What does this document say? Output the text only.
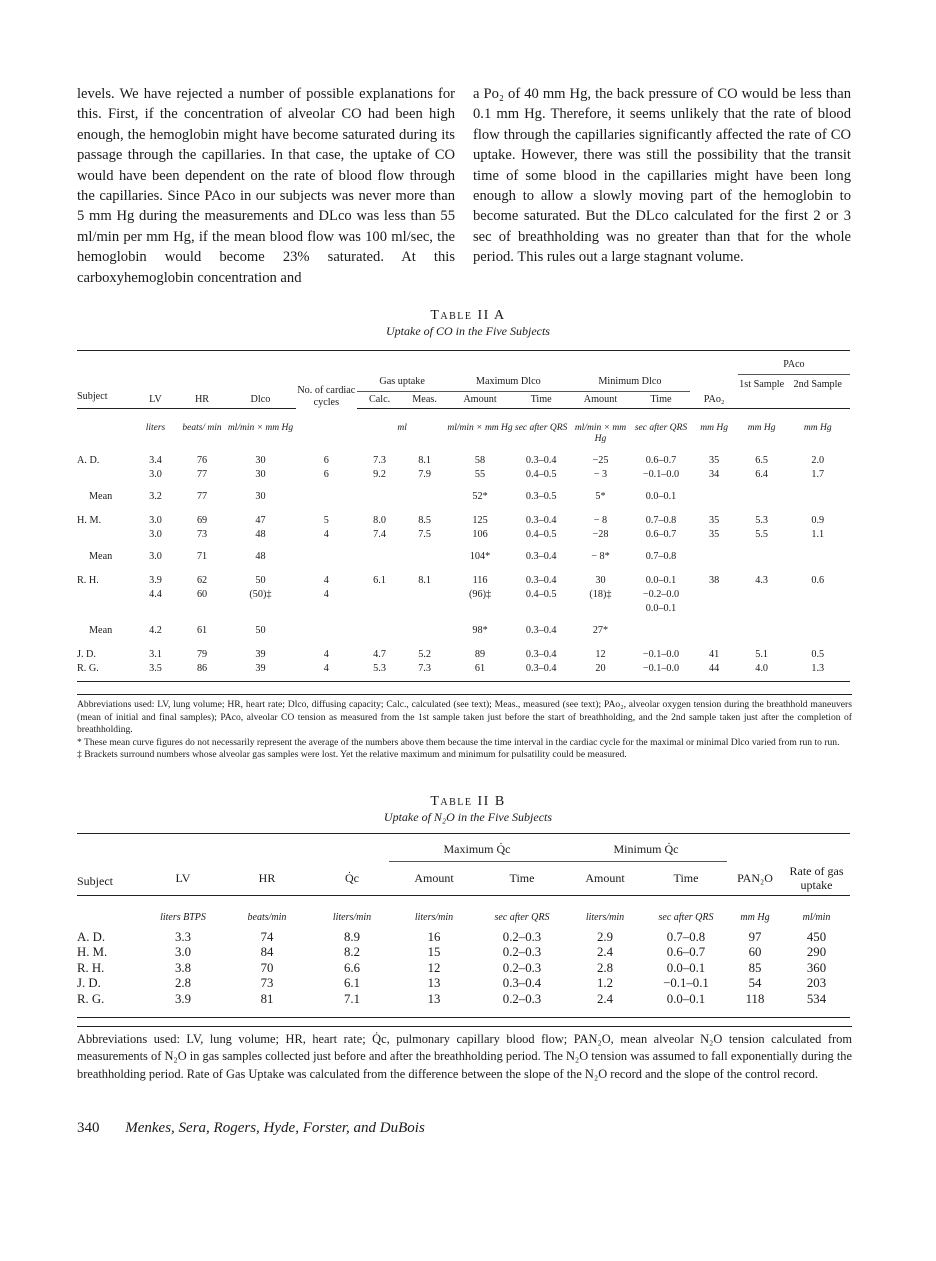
levels. We have rejected a number of possible explanations for this. First, if the concentration of alveolar CO had been high enough, the hemoglobin might have become saturated during its passage through the capillaries. In that case, the uptake of CO would have been dependent on the rate of blood flow through the capillaries. Since PAco in our subjects was never more than 5 mm Hg during the measurements and DLco was less than 55 ml/min per mm Hg, if the mean blood flow was 100 ml/sec, the hemoglobin would become 23% saturated. At this carboxyhemoglobin concentration and

a Po₂ of 40 mm Hg, the back pressure of CO would be less than 0.1 mm Hg. Therefore, it seems unlikely that the rate of blood flow through the capillaries significantly affected the rate of CO uptake. However, there was still the possibility that the transit time of some blood in the capillaries might have been long enough to allow a slowly moving part of the hemoglobin to become saturated. But the DLco calculated for the first 2 or 3 sec of breathholding was no greater than that for the whole period. This rules out a large stagnant volume.

Table II A
Uptake of CO in the Five Subjects
												PAco	
				No. of cardiac cycles	Gas uptake		Maximum Dlco		Minimum Dlco			1st Sample	2nd Sample
Subject	LV	HR	Dlco		Calc.	Meas.	Amount	Time	Amount	Time	PAo₂		
	liters	beats/ min	ml/min × mm Hg		ml		ml/min × mm Hg	sec after QRS	ml/min × mm Hg	sec after QRS	mm Hg	mm Hg	mm Hg
A. D.	3.4	76	30	6	7.3	8.1	58	0.3–0.4	−25	0.6–0.7	35	6.5	2.0
	3.0	77	30	6	9.2	7.9	55	0.4–0.5	− 3	−0.1–0.0	34	6.4	1.7
Mean	3.2	77	30				52*	0.3–0.5	5*	0.0–0.1			
H. M.	3.0	69	47	5	8.0	8.5	125	0.3–0.4	− 8	0.7–0.8	35	5.3	0.9
	3.0	73	48	4	7.4	7.5	106	0.4–0.5	−28	0.6–0.7	35	5.5	1.1
Mean	3.0	71	48				104*	0.3–0.4	− 8*	0.7–0.8			
R. H.	3.9	62	50	4	6.1	8.1	116	0.3–0.4	30	0.0–0.1	38	4.3	0.6
	4.4	60	(50)‡	4			(96)‡	0.4–0.5	(18)‡	−0.2–0.0			
										0.0–0.1			
Mean	4.2	61	50				98*	0.3–0.4	27*				
J. D.	3.1	79	39	4	4.7	5.2	89	0.3–0.4	12	−0.1–0.0	41	5.1	0.5
R. G.	3.5	86	39	4	5.3	7.3	61	0.3–0.4	20	−0.1–0.0	44	4.0	1.3

Abbreviations used: LV, lung volume; HR, heart rate; Dlco, diffusing capacity; Calc., calculated (see text); Meas., measured (see text); PAo₂, alveolar oxygen tension during the breathhold maneuvers (mean of initial and final samples); PAco, alveolar CO tension as measured from the 1st sample taken just before the start of breathholding, and the 2nd sample taken just after the completion of breathholding.

* These mean curve figures do not necessarily represent the average of the numbers above them because the time interval in the cardiac cycle for the maximal or minimal Dlco varied from run to run.

‡ Brackets surround numbers whose alveolar gas samples were lost. Yet the relative maximum and minimum for pulsatility could be measured.

Table II B
Uptake of N₂O in the Five Subjects
				Maximum Q̇c		Minimum Q̇c			
Subject	LV	HR	Q̇c	Amount	Time	Amount	Time	PAN₂O	Rate of gas uptake
	liters BTPS	beats/min	liters/min	liters/min	sec after QRS	liters/min	sec after QRS	mm Hg	ml/min
A. D.	3.3	74	8.9	16	0.2–0.3	2.9	0.7–0.8	97	450
H. M.	3.0	84	8.2	15	0.2–0.3	2.4	0.6–0.7	60	290
R. H.	3.8	70	6.6	12	0.2–0.3	2.8	0.0–0.1	85	360
J. D.	2.8	73	6.1	13	0.3–0.4	1.2	−0.1–0.1	54	203
R. G.	3.9	81	7.1	13	0.2–0.3	2.4	0.0–0.1	118	534

Abbreviations used: LV, lung volume; HR, heart rate; Q̇c, pulmonary capillary blood flow; PAN₂O, mean alveolar N₂O tension calculated from measurements of N₂O in gas samples collected just before and after the breathholding period. The N₂O tension was assumed to fall exponentially during the breathholding period. Rate of Gas Uptake was calculated from the difference between the slope of the N₂O record and the slope of the control record.

340 Menkes, Sera, Rogers, Hyde, Forster, and DuBois
